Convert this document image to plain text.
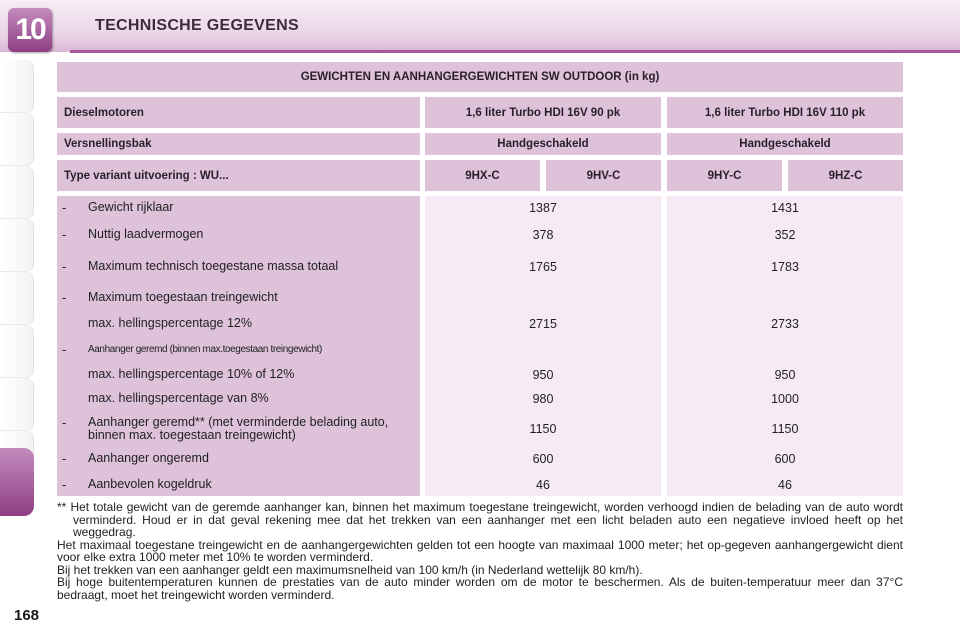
10	TECHNISCHE GEGEVENS
168
GEWICHTEN EN AANHANGERGEWICHTEN SW OUTDOOR (in kg)
Dieselmotoren	1,6 liter Turbo HDI 16V 90 pk	1,6 liter Turbo HDI 16V 110 pk
Versnellingsbak	Handgeschakeld	Handgeschakeld
Type variant uitvoering : WU...	9HX-C	9HV-C	9HY-C	9HZ-C
- Gewicht rijklaar	1387	1431
- Nuttig laadvermogen	378	352
- Maximum technisch toegestane massa totaal	1765	1783
- Maximum toegestaan treingewicht
max. hellingspercentage 12%	2715	2733
- Aanhanger geremd (binnen max.toegestaan treingewicht)
max. hellingspercentage 10% of 12%	950	950
max. hellingspercentage van 8%	980	1000
- Aanhanger geremd** (met verminderde belading auto, binnen max. toegestaan treingewicht)	1150	1150
- Aanhanger ongeremd	600	600
- Aanbevolen kogeldruk	46	46

** Het totale gewicht van de geremde aanhanger kan, binnen het maximum toegestane treingewicht, worden verhoogd indien de belading van de auto wordt verminderd. Houd er in dat geval rekening mee dat het trekken van een aanhanger met een licht beladen auto een negatieve invloed heeft op het weggedrag.

Het maximaal toegestane treingewicht en de aanhangergewichten gelden tot een hoogte van maximaal 1000 meter; het op-gegeven aanhangergewicht dient voor elke extra 1000 meter met 10% te worden verminderd.

Bij het trekken van een aanhanger geldt een maximumsnelheid van 100 km/h (in Nederland wettelijk 80 km/h).

Bij hoge buitentemperaturen kunnen de prestaties van de auto minder worden om de motor te beschermen. Als de buiten-temperatuur meer dan 37°C bedraagt, moet het treingewicht worden verminderd.
